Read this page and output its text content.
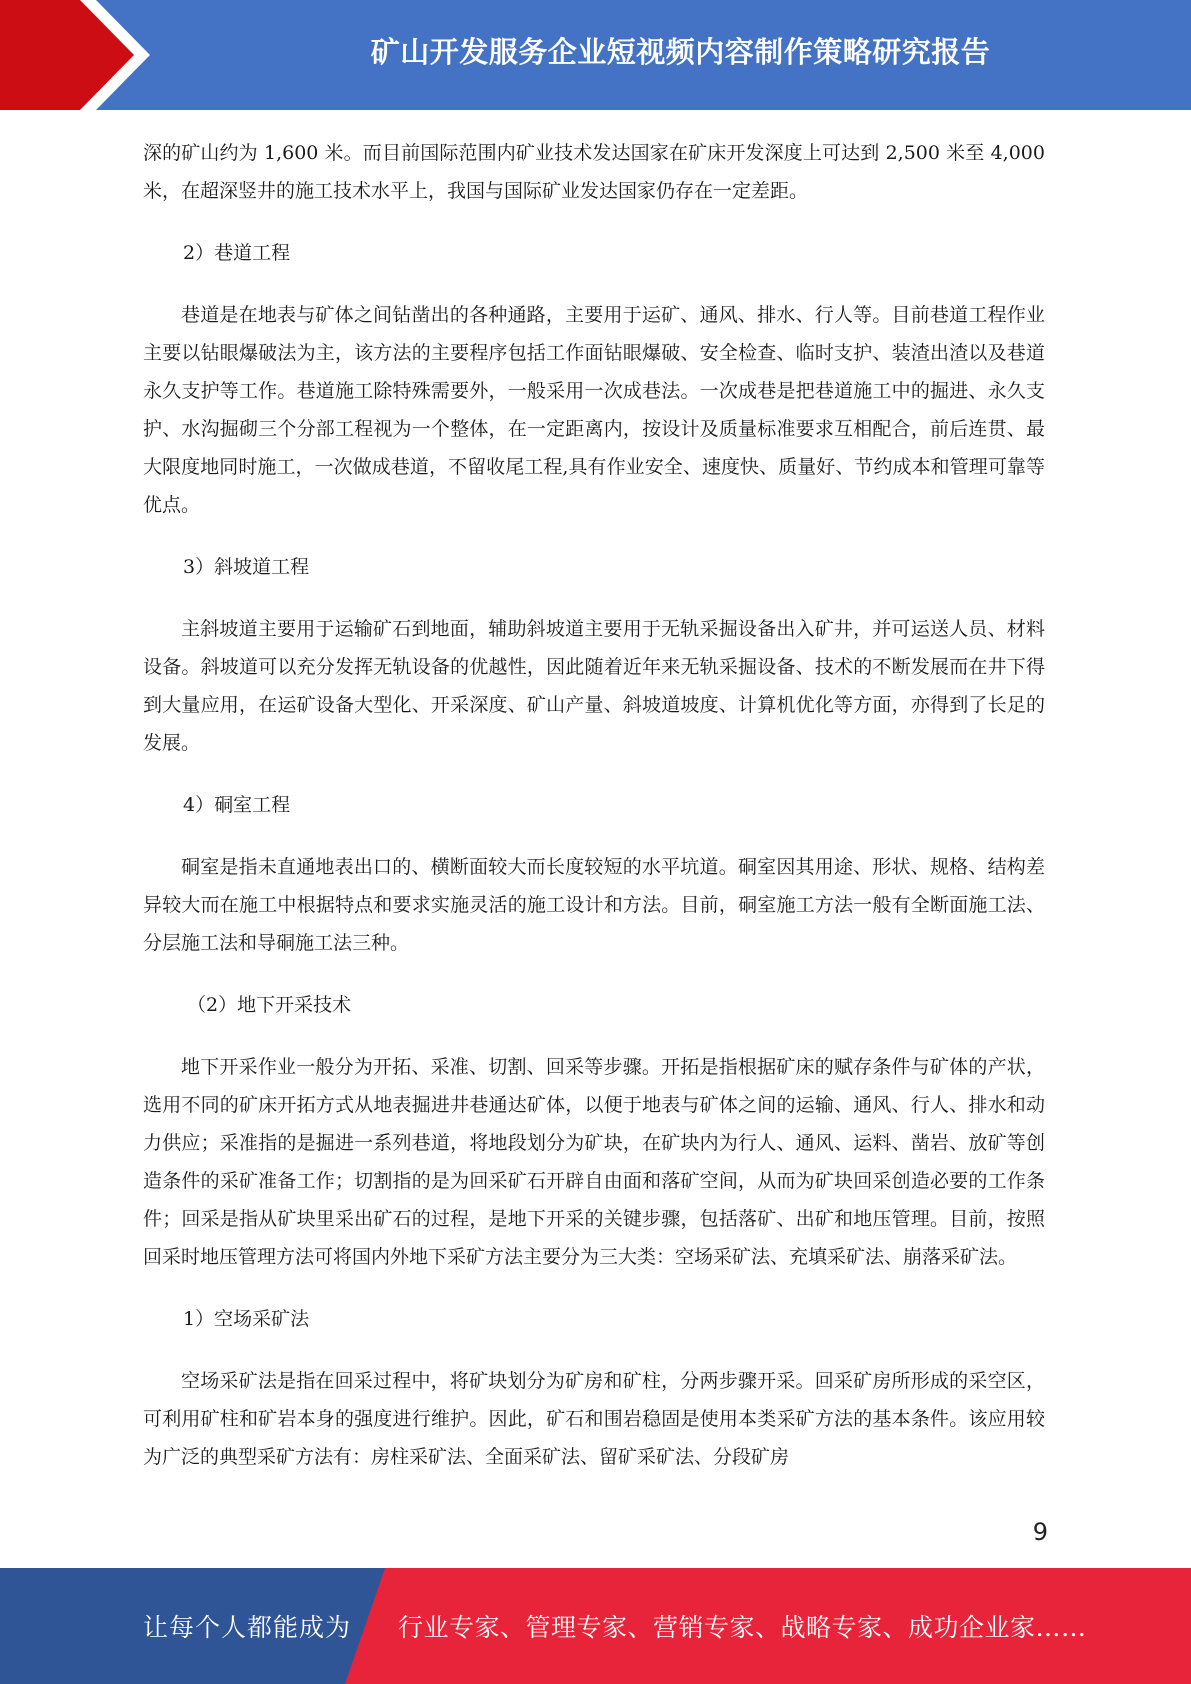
矿山开发服务企业短视频内容制作策略研究报告

深的矿山约为 1,600 米。而目前国际范围内矿业技术发达国家在矿床开发深度上可达到 2,500 米至 4,000 米，在超深竖井的施工技术水平上，我国与国际矿业发达国家仍存在一定差距。

2）巷道工程

巷道是在地表与矿体之间钻凿出的各种通路，主要用于运矿、通风、排水、行人等。目前巷道工程作业主要以钻眼爆破法为主，该方法的主要程序包括工作面钻眼爆破、安全检查、临时支护、装渣出渣以及巷道永久支护等工作。巷道施工除特殊需要外，一般采用一次成巷法。一次成巷是把巷道施工中的掘进、永久支护、水沟掘砌三个分部工程视为一个整体，在一定距离内，按设计及质量标准要求互相配合，前后连贯、最大限度地同时施工，一次做成巷道，不留收尾工程,具有作业安全、速度快、质量好、节约成本和管理可靠等优点。

3）斜坡道工程

主斜坡道主要用于运输矿石到地面，辅助斜坡道主要用于无轨采掘设备出入矿井，并可运送人员、材料设备。斜坡道可以充分发挥无轨设备的优越性，因此随着近年来无轨采掘设备、技术的不断发展而在井下得到大量应用，在运矿设备大型化、开采深度、矿山产量、斜坡道坡度、计算机优化等方面，亦得到了长足的发展。

4）硐室工程

硐室是指未直通地表出口的、横断面较大而长度较短的水平坑道。硐室因其用途、形状、规格、结构差异较大而在施工中根据特点和要求实施灵活的施工设计和方法。目前，硐室施工方法一般有全断面施工法、分层施工法和导硐施工法三种。

（2）地下开采技术

地下开采作业一般分为开拓、采准、切割、回采等步骤。开拓是指根据矿床的赋存条件与矿体的产状，选用不同的矿床开拓方式从地表掘进井巷通达矿体，以便于地表与矿体之间的运输、通风、行人、排水和动力供应；采准指的是掘进一系列巷道，将地段划分为矿块，在矿块内为行人、通风、运料、凿岩、放矿等创造条件的采矿准备工作；切割指的是为回采矿石开辟自由面和落矿空间，从而为矿块回采创造必要的工作条件；回采是指从矿块里采出矿石的过程，是地下开采的关键步骤，包括落矿、出矿和地压管理。目前，按照回采时地压管理方法可将国内外地下采矿方法主要分为三大类：空场采矿法、充填采矿法、崩落采矿法。

1）空场采矿法

空场采矿法是指在回采过程中，将矿块划分为矿房和矿柱，分两步骤开采。回采矿房所形成的采空区，可利用矿柱和矿岩本身的强度进行维护。因此，矿石和围岩稳固是使用本类采矿方法的基本条件。该应用较为广泛的典型采矿方法有：房柱采矿法、全面采矿法、留矿采矿法、分段矿房

9
让每个人都能成为 行业专家、管理专家、营销专家、战略专家、成功企业家……
